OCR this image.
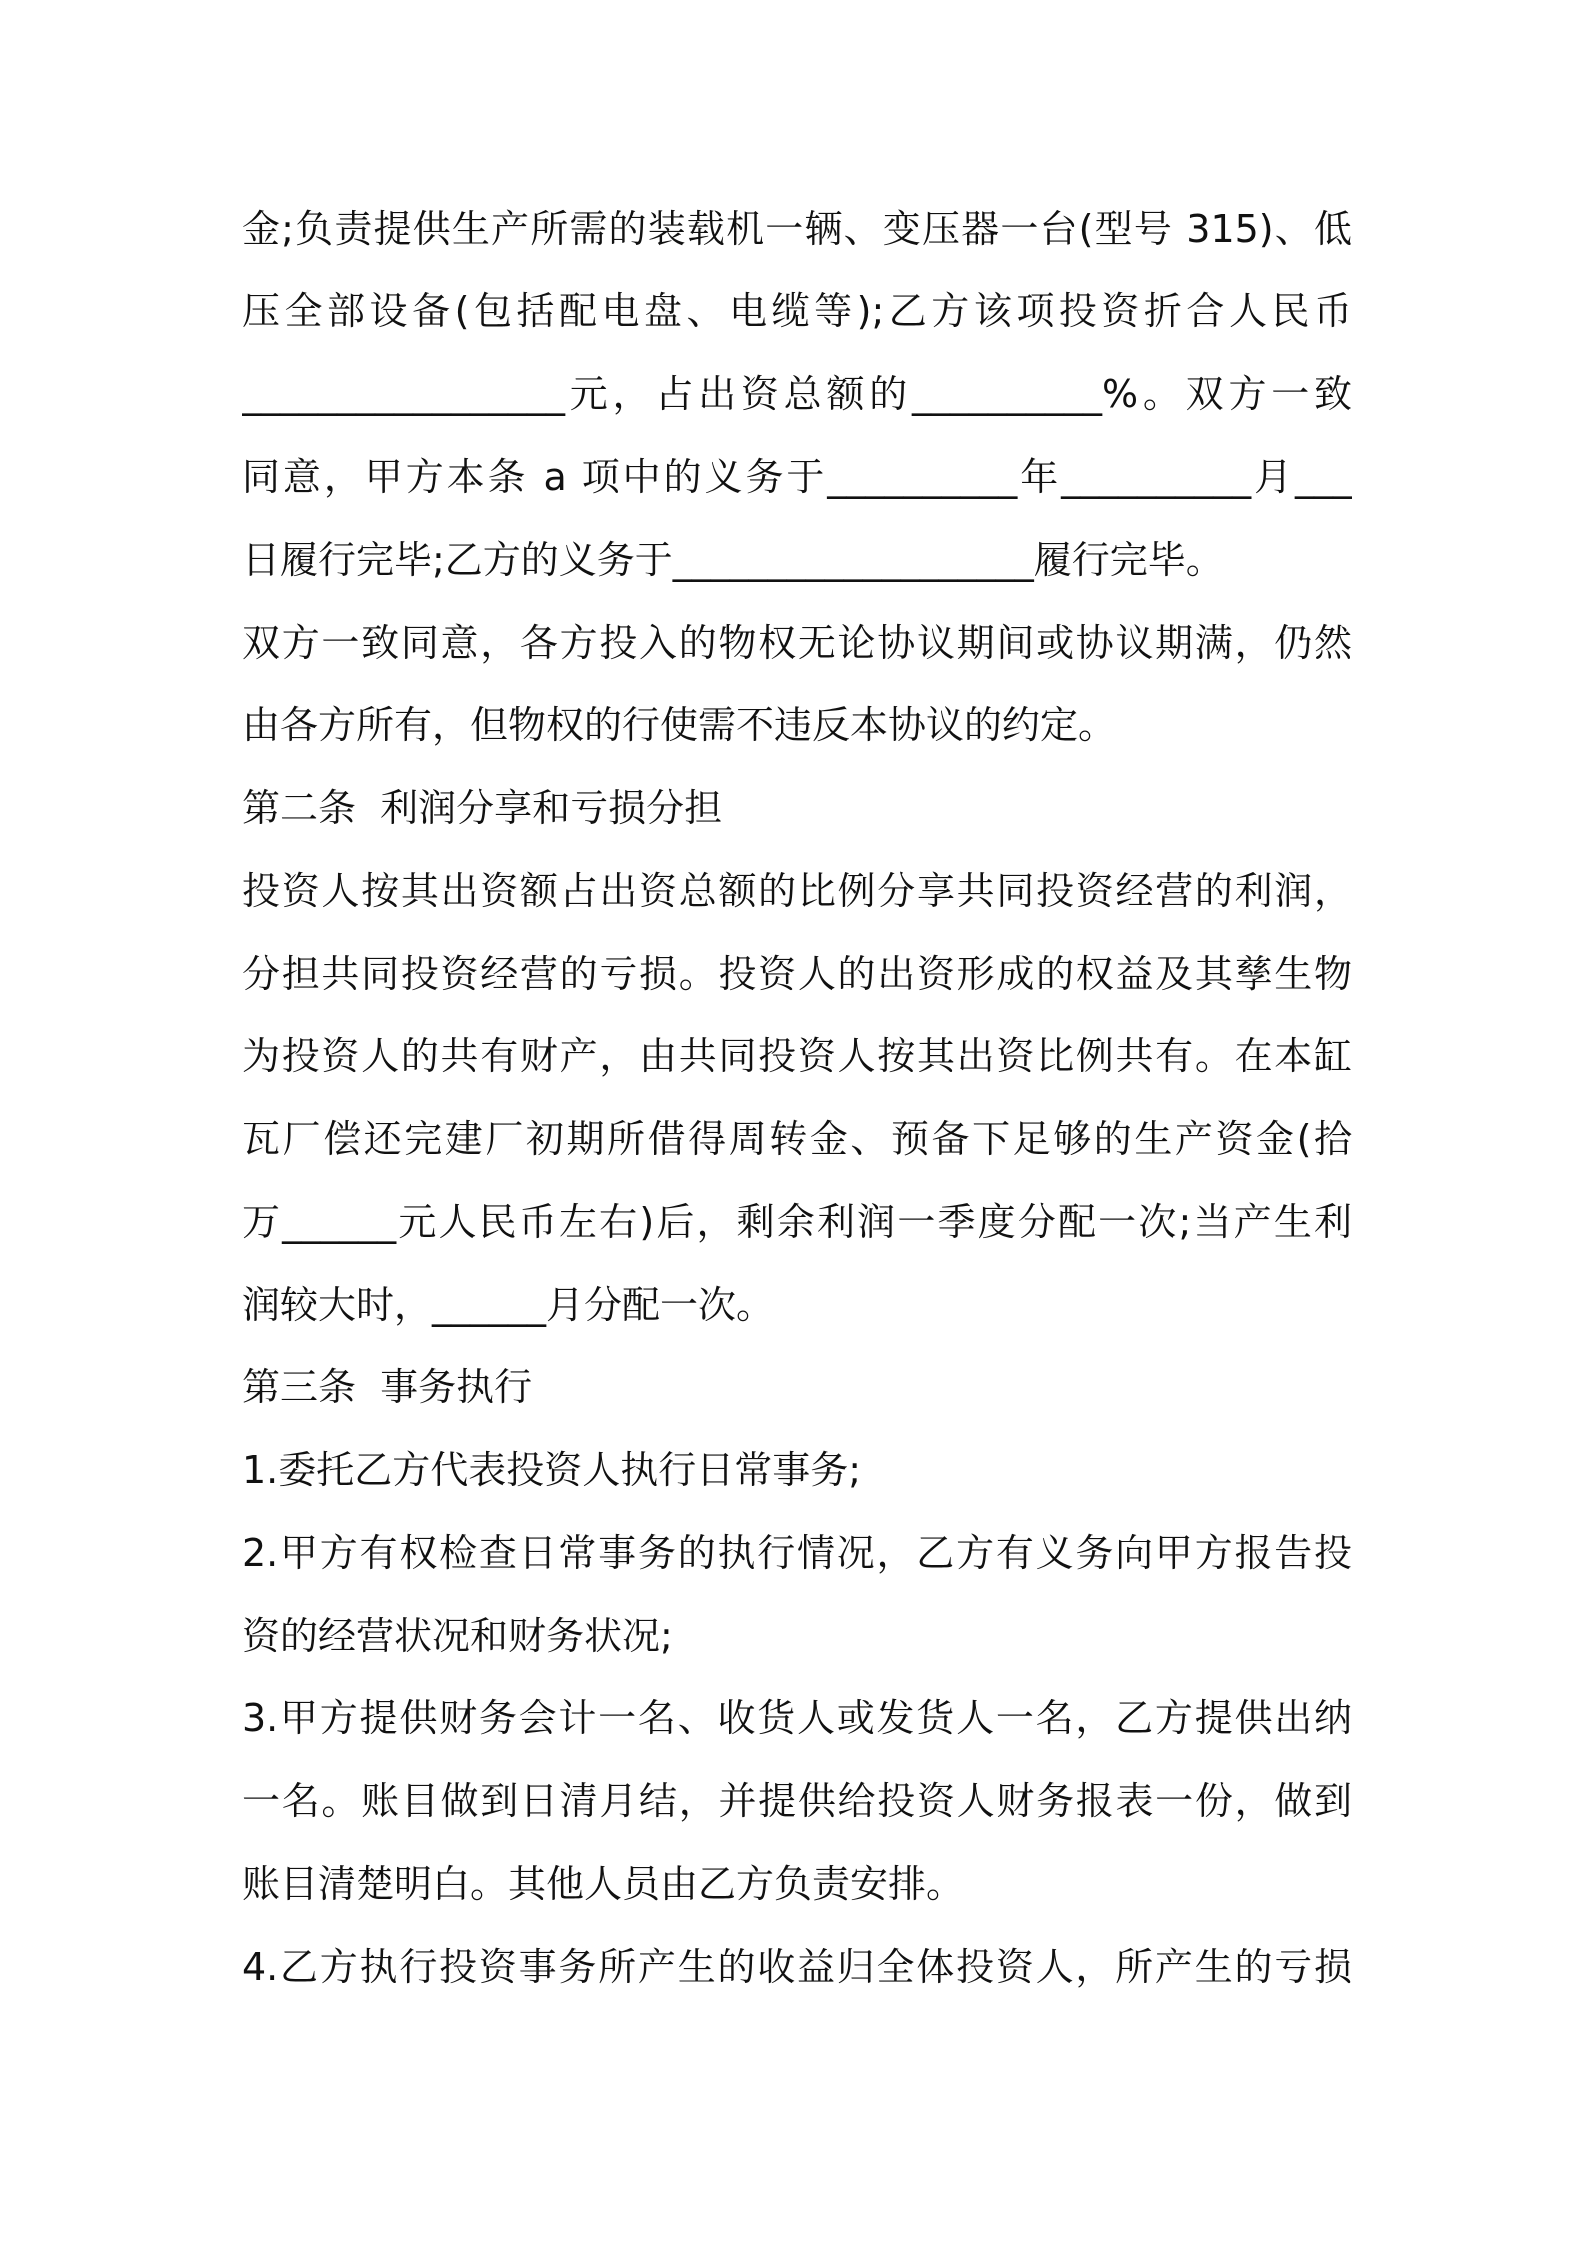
金;负责提供生产所需的装载机一辆、变压器一台(型号 315)、低
压全部设备(包括配电盘、电缆等);乙方该项投资折合人民币
_________________元，占出资总额的__________%。双方一致
同意，甲方本条 a 项中的义务于__________年__________月___
日履行完毕;乙方的义务于___________________履行完毕。
双方一致同意，各方投入的物权无论协议期间或协议期满，仍然
由各方所有，但物权的行使需不违反本协议的约定。
第二条  利润分享和亏损分担
投资人按其出资额占出资总额的比例分享共同投资经营的利润，
分担共同投资经营的亏损。投资人的出资形成的权益及其孳生物
为投资人的共有财产，由共同投资人按其出资比例共有。在本缸
瓦厂偿还完建厂初期所借得周转金、预备下足够的生产资金(拾
万______元人民币左右)后，剩余利润一季度分配一次;当产生利
润较大时，______月分配一次。
第三条  事务执行
1.委托乙方代表投资人执行日常事务;
2.甲方有权检查日常事务的执行情况，乙方有义务向甲方报告投
资的经营状况和财务状况;
3.甲方提供财务会计一名、收货人或发货人一名，乙方提供出纳
一名。账目做到日清月结，并提供给投资人财务报表一份，做到
账目清楚明白。其他人员由乙方负责安排。
4.乙方执行投资事务所产生的收益归全体投资人，所产生的亏损
